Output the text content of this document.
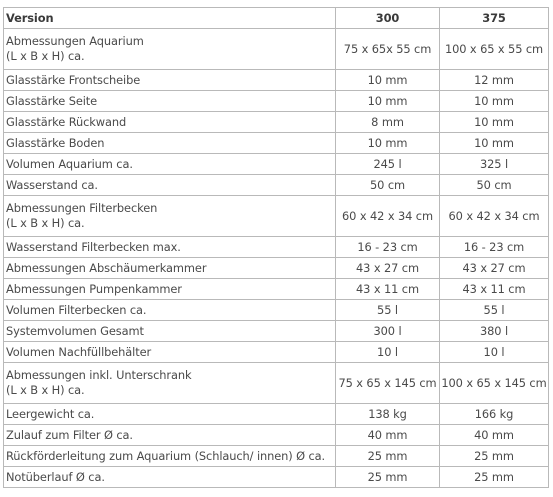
Version	300	375

Abmessungen Aquarium
(L x B x H) ca.	75 x 65x 55 cm	100 x 65 x 55 cm

Glasstärke Frontscheibe	10 mm	12 mm

Glasstärke Seite	10 mm	10 mm

Glasstärke Rückwand	8 mm	10 mm

Glasstärke Boden	10 mm	10 mm

Volumen Aquarium ca.	245 l	325 l

Wasserstand ca.	50 cm	50 cm

Abmessungen Filterbecken
(L x B x H) ca.	60 x 42 x 34 cm	60 x 42 x 34 cm

Wasserstand Filterbecken max.	16 - 23 cm	16 - 23 cm

Abmessungen Abschäumerkammer	43 x 27 cm	43 x 27 cm

Abmessungen Pumpenkammer	43 x 11 cm	43 x 11 cm

Volumen Filterbecken ca.	55 l	55 l

Systemvolumen Gesamt	300 l	380 l

Volumen Nachfüllbehälter	10 l	10 l

Abmessungen inkl. Unterschrank
(L x B x H) ca.	75 x 65 x 145 cm	100 x 65 x 145 cm

Leergewicht ca.	138 kg	166 kg

Zulauf zum Filter Ø ca.	40 mm	40 mm

Rückförderleitung zum Aquarium (Schlauch/ innen) Ø ca.	25 mm	25 mm

Notüberlauf Ø ca.	25 mm	25 mm
